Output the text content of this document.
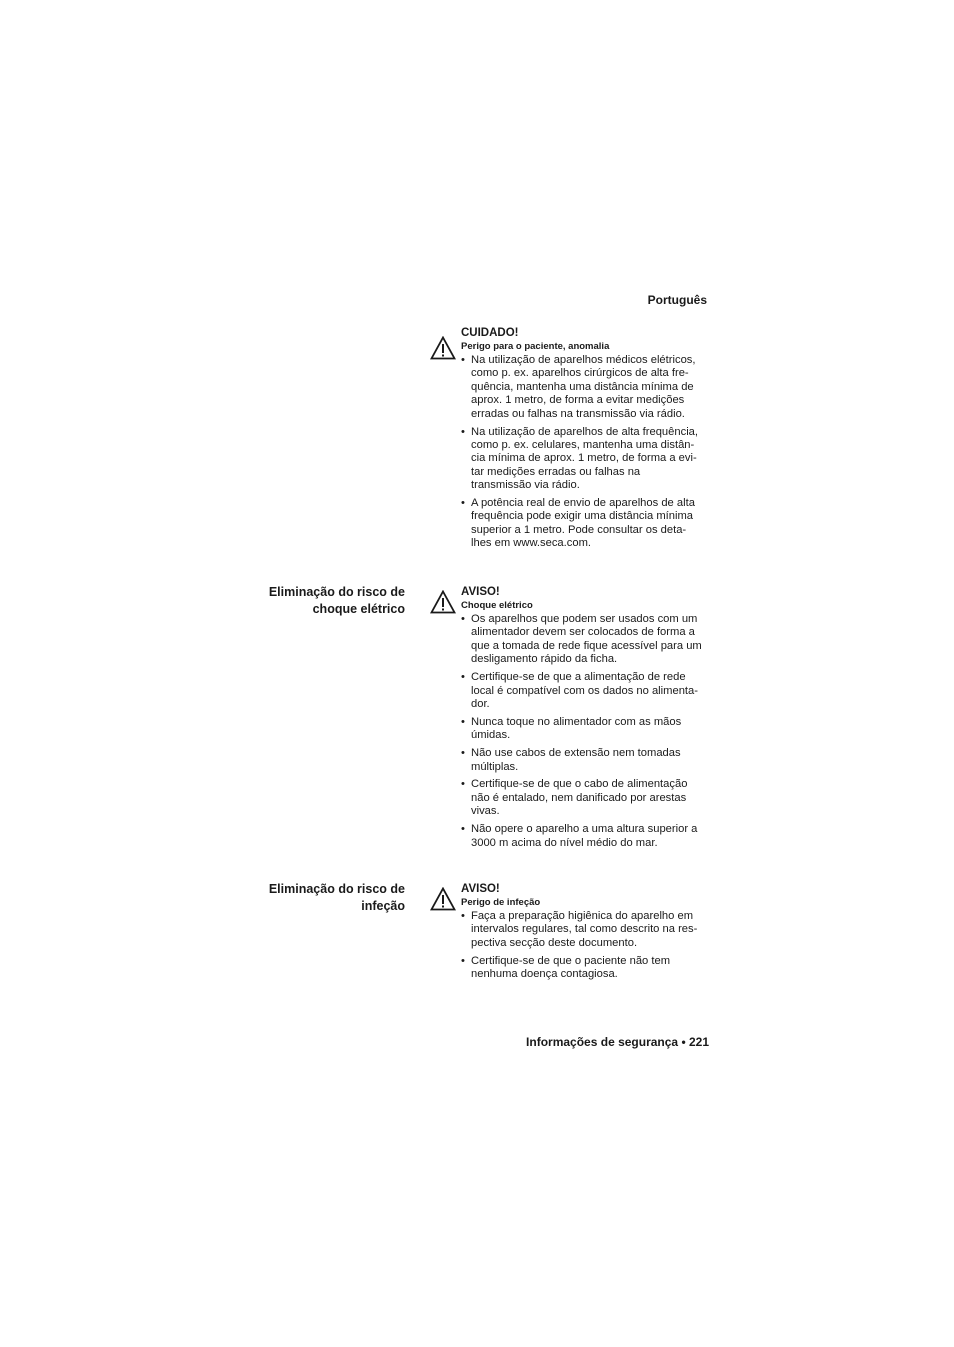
Português
CUIDADO!
Perigo para o paciente, anomalia
• Na utilização de aparelhos médicos elétricos,
como p. ex. aparelhos cirúrgicos de alta fre-
quência, mantenha uma distância mínima de
aprox. 1 metro, de forma a evitar medições
erradas ou falhas na transmissão via rádio.
• Na utilização de aparelhos de alta frequência,
como p. ex. celulares, mantenha uma distân-
cia mínima de aprox. 1 metro, de forma a evi-
tar medições erradas ou falhas na
transmissão via rádio.
• A potência real de envio de aparelhos de alta
frequência pode exigir uma distância mínima
superior a 1 metro. Pode consultar os deta-
lhes em www.seca.com.
Eliminação do risco de
choque elétrico
AVISO!
Choque elétrico
• Os aparelhos que podem ser usados com um
alimentador devem ser colocados de forma a
que a tomada de rede fique acessível para um
desligamento rápido da ficha.
• Certifique-se de que a alimentação de rede
local é compatível com os dados no alimenta-
dor.
• Nunca toque no alimentador com as mãos
úmidas.
• Não use cabos de extensão nem tomadas
múltiplas.
• Certifique-se de que o cabo de alimentação
não é entalado, nem danificado por arestas
vivas.
• Não opere o aparelho a uma altura superior a
3000 m acima do nível médio do mar.
Eliminação do risco de
infeção
AVISO!
Perigo de infeção
• Faça a preparação higiênica do aparelho em
intervalos regulares, tal como descrito na res-
pectiva secção deste documento.
• Certifique-se de que o paciente não tem
nenhuma doença contagiosa.
Informações de segurança • 221
